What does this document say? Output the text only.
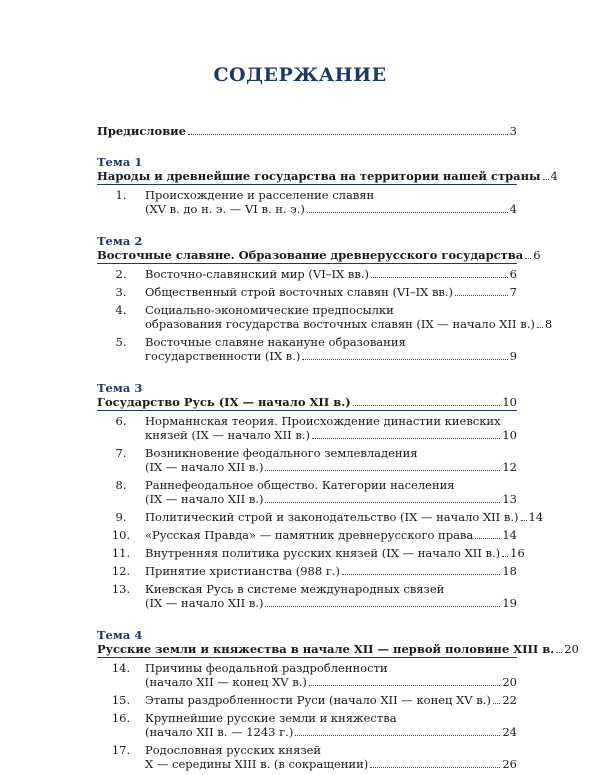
СОДЕРЖАНИЕ
Предисловие	3
Тема 1
Народы и древнейшие государства на территории нашей страны 4
1.	Происхождение и расселение славян
(XV в. до н. э. — VI в. н. э.)	4
Тема 2
Восточные славяне. Образование древнерусского государства 6
2.	Восточно-славянский мир (VI–IX вв.)	6
3.	Общественный строй восточных славян (VI–IX вв.)	7
4.	Социально-экономические предпосылки
образования государства восточных славян (IX — начало XII в.) 8
5.	Восточные славяне накануне образования
государственности (IX в.)	9
Тема 3
Государство Русь (IX — начало XII в.)	10
6.	Норманнская теория. Происхождение династии киевских
князей (IX — начало XII в.)	10
7.	Возникновение феодального землевладения
(IX — начало XII в.)	12
8.	Раннефеодальное общество. Категории населения
(IX — начало XII в.)	13
9.	Политический строй и законодательство (IX — начало XII в.) 14
10.	«Русская Правда» — памятник древнерусского права	14
11.	Внутренняя политика русских князей (IX — начало XII в.) 16
12.	Принятие христианства (988 г.)	18
13.	Киевская Русь в системе международных связей
(IX — начало XII в.)	19
Тема 4
Русские земли и княжества в начале XII — первой половине XIII в. 20
14.	Причины феодальной раздробленности
(начало XII — конец XV в.)	20
15.	Этапы раздробленности Руси (начало XII — конец XV в.) 22
16.	Крупнейшие русские земли и княжества
(начало XII в. — 1243 г.)	24
17.	Родословная русских князей
X — середины XIII в. (в сокращении)	26
